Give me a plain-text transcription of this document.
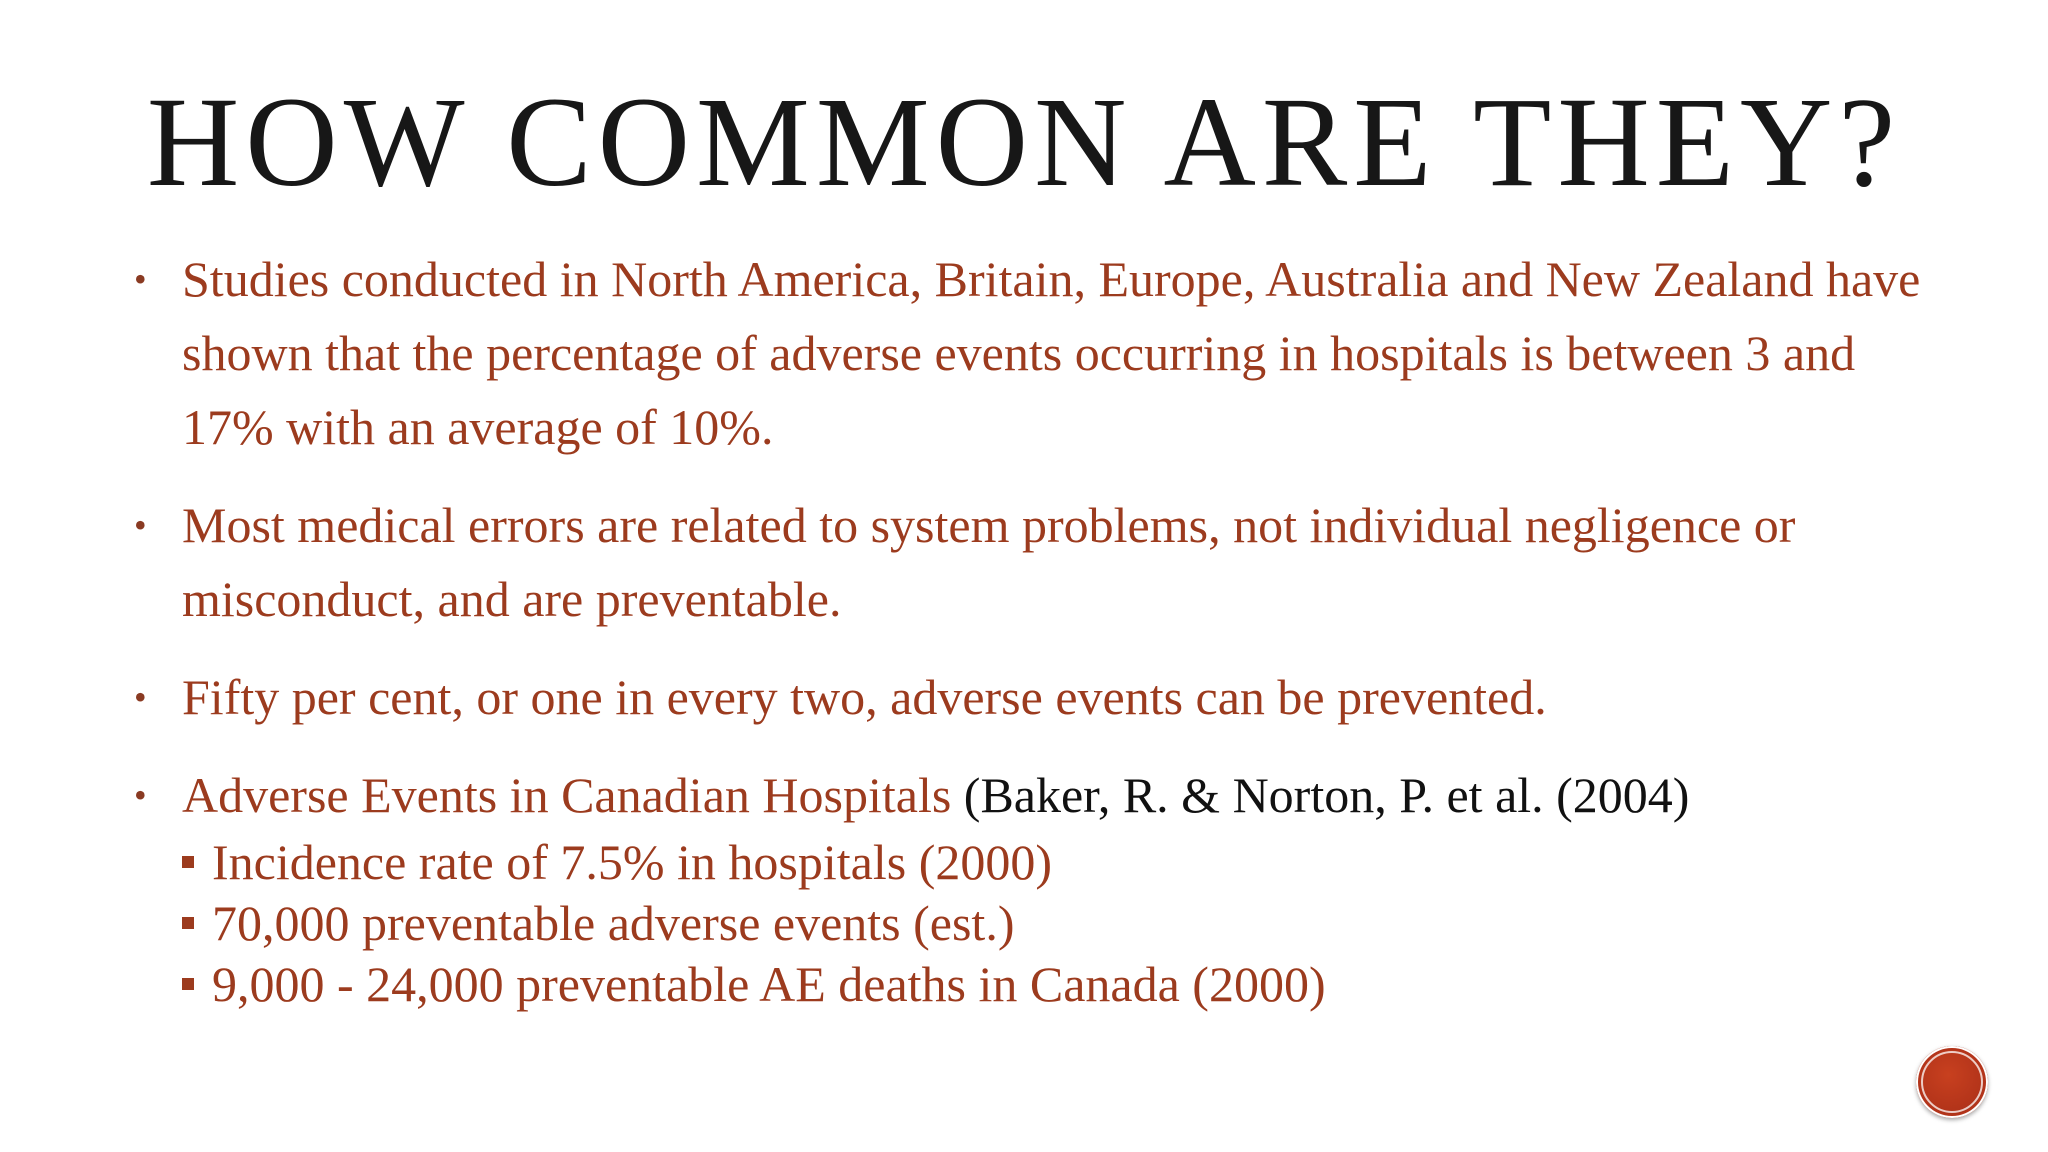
HOW COMMON ARE THEY?
• Studies conducted in North America, Britain, Europe, Australia and New Zealand have shown that the percentage of adverse events occurring in hospitals is between 3 and 17% with an average of 10%.
• Most medical errors are related to system problems, not individual negligence or misconduct, and are preventable.
• Fifty per cent, or one in every two, adverse events can be prevented.
• Adverse Events in Canadian Hospitals (Baker, R. & Norton, P. et al. (2004)
Incidence rate of 7.5% in hospitals (2000)
70,000 preventable adverse events (est.)
9,000 - 24,000 preventable AE deaths in Canada (2000)
